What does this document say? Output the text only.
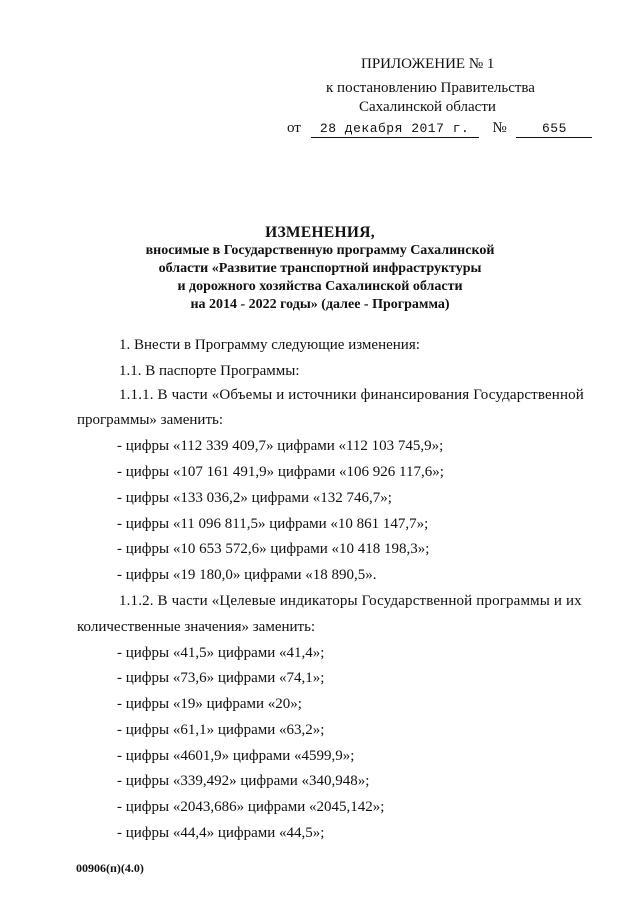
ПРИЛОЖЕНИЕ № 1
к постановлению Правительства
Сахалинской области
от 28 декабря 2017 г. №	655
ИЗМЕНЕНИЯ,
вносимые в Государственную программу Сахалинской
области «Развитие транспортной инфраструктуры
и дорожного хозяйства Сахалинской области
на 2014 - 2022 годы» (далее - Программа)
1. Внести в Программу следующие изменения:
1.1. В паспорте Программы:
1.1.1. В части «Объемы и источники финансирования Государственной
программы» заменить:
- цифры «112 339 409,7» цифрами «112 103 745,9»;
- цифры «107 161 491,9» цифрами «106 926 117,6»;
- цифры «133 036,2» цифрами «132 746,7»;
- цифры «11 096 811,5» цифрами «10 861 147,7»;
- цифры «10 653 572,6» цифрами «10 418 198,3»;
- цифры «19 180,0» цифрами «18 890,5».
1.1.2. В части «Целевые индикаторы Государственной программы и их
количественные значения» заменить:
- цифры «41,5» цифрами «41,4»;
- цифры «73,6» цифрами «74,1»;
- цифры «19» цифрами «20»;
- цифры «61,1» цифрами «63,2»;
- цифры «4601,9» цифрами «4599,9»;
- цифры «339,492» цифрами «340,948»;
- цифры «2043,686» цифрами «2045,142»;
- цифры «44,4» цифрами «44,5»;
00906(п)(4.0)
